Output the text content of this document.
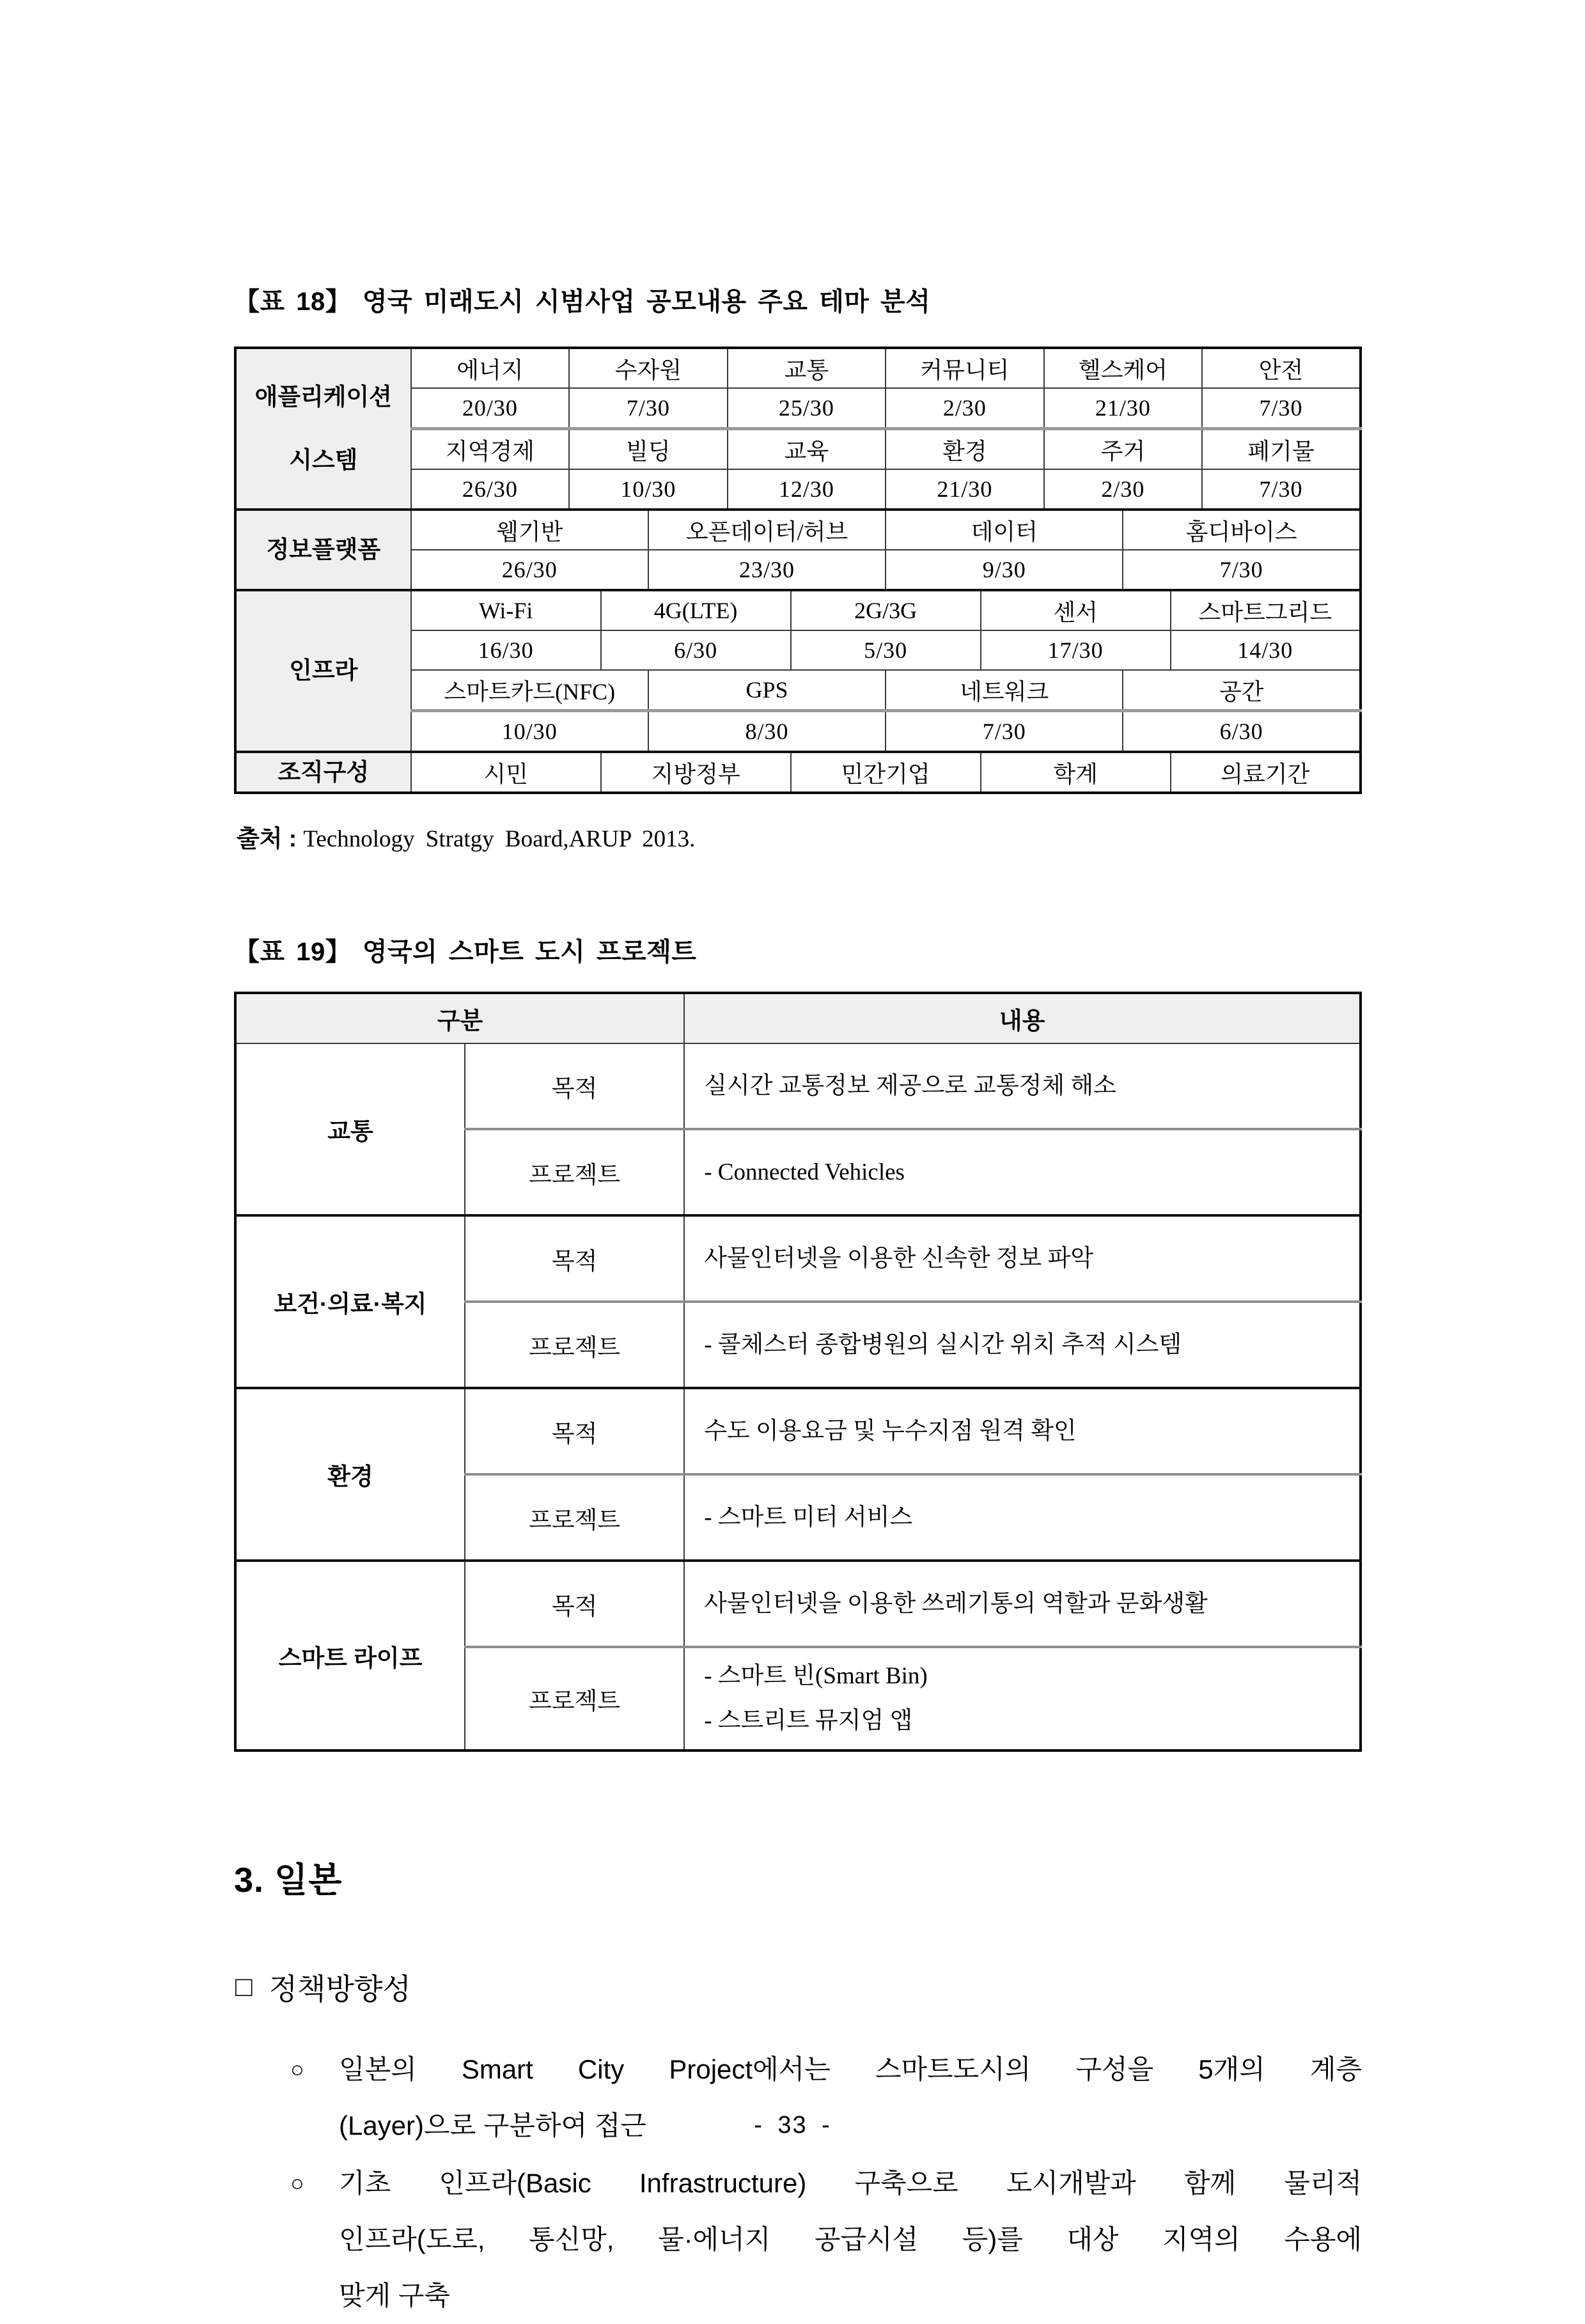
【표 18】 영국 미래도시 시범사업 공모내용 주요 테마 분석

애플리케이션
시스템	에너지	수자원			교통		커뮤니티		헬스케어			안전
	20/30	7/30			25/30		2/30		21/30			7/30
	지역경제	빌딩			교육		환경		주거			폐기물
	26/30	10/30			12/30		21/30		2/30			7/30

정보플랫폼	웹기반			오픈데이터/허브			데이터			홈디바이스		
	26/30			23/30			9/30			7/30		

인프라	Wi-Fi		4G(LTE)			2G/3G		센서			스마트그리드	
	16/30		6/30			5/30		17/30			14/30	
	스마트카드(NFC)			GPS			네트워크			공간		
	10/30			8/30			7/30			6/30		

조직구성	시민		지방정부			민간기업		학계			의료기간	

출처 : Technology Stratgy Board,ARUP 2013.

【표 19】 영국의 스마트 도시 프로젝트

구분		내용
교통	목적	실시간 교통정보 제공으로 교통정체 해소

	프로젝트	- Connected Vehicles

보건·의료·복지	목적	사물인터넷을 이용한 신속한 정보 파악

	프로젝트	- 콜체스터 종합병원의 실시간 위치 추적 시스템

환경	목적	수도 이용요금 및 누수지점 원격 확인

	프로젝트	- 스마트 미터 서비스

스마트 라이프	목적	사물인터넷을 이용한 쓰레기통의 역할과 문화생활

	프로젝트	- 스마트 빈(Smart Bin)
- 스트리트 뮤지엄 앱
3. 일본
□ 정책방향성
○	일본의 Smart City Project에서는 스마트도시의 구성을 5개의 계층
(Layer)으로 구분하여 접근
○	기초 인프라(Basic Infrastructure) 구축으로 도시개발과 함께 물리적
인프라(도로, 통신망, 물·에너지 공급시설 등)를 대상 지역의 수용에
맞게 구축
- 33 -
